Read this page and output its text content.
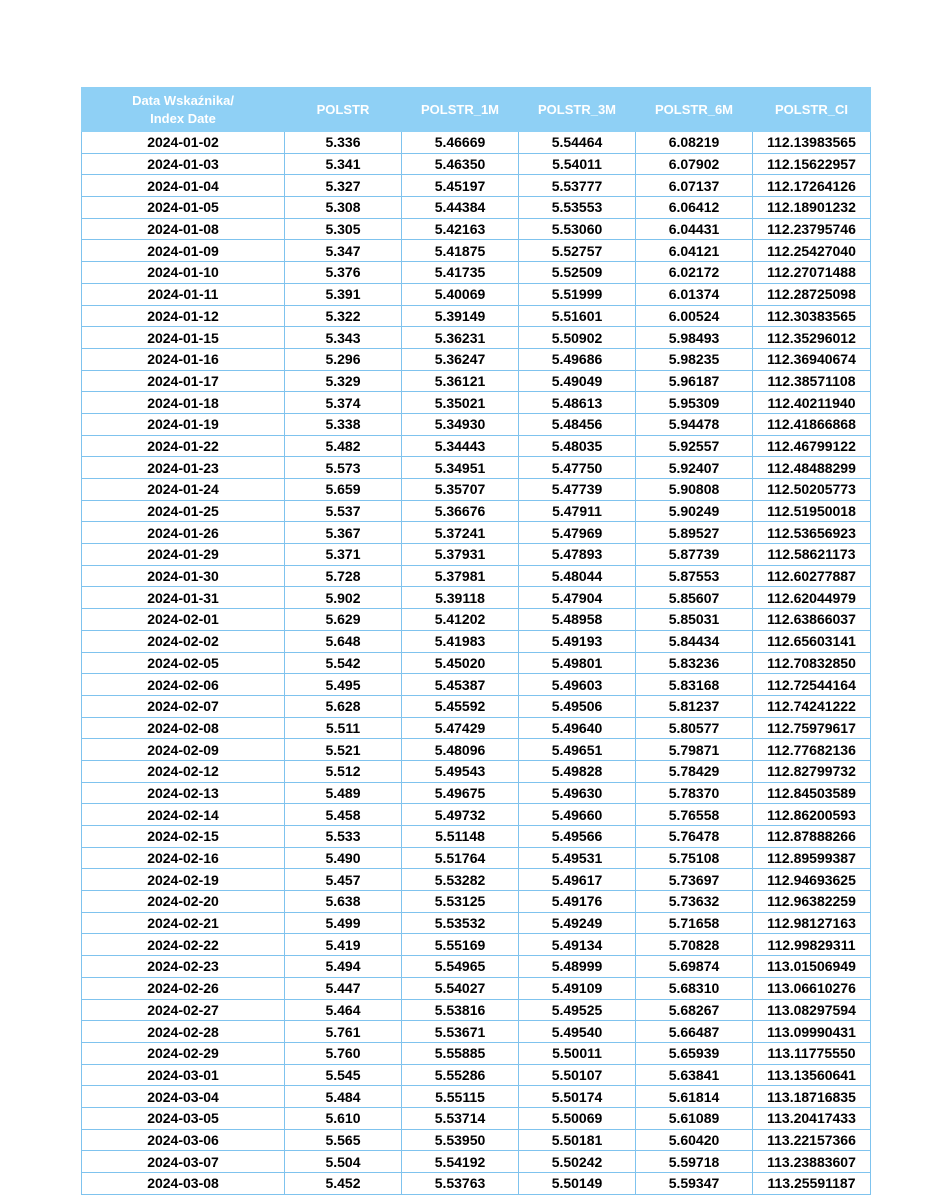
Data Wskaźnika/
Index Date	POLSTR	POLSTR_1M	POLSTR_3M	POLSTR_6M	POLSTR_CI
2024-01-02	5.336	5.46669	5.54464	6.08219	112.13983565
2024-01-03	5.341	5.46350	5.54011	6.07902	112.15622957
2024-01-04	5.327	5.45197	5.53777	6.07137	112.17264126
2024-01-05	5.308	5.44384	5.53553	6.06412	112.18901232
2024-01-08	5.305	5.42163	5.53060	6.04431	112.23795746
2024-01-09	5.347	5.41875	5.52757	6.04121	112.25427040
2024-01-10	5.376	5.41735	5.52509	6.02172	112.27071488
2024-01-11	5.391	5.40069	5.51999	6.01374	112.28725098
2024-01-12	5.322	5.39149	5.51601	6.00524	112.30383565
2024-01-15	5.343	5.36231	5.50902	5.98493	112.35296012
2024-01-16	5.296	5.36247	5.49686	5.98235	112.36940674
2024-01-17	5.329	5.36121	5.49049	5.96187	112.38571108
2024-01-18	5.374	5.35021	5.48613	5.95309	112.40211940
2024-01-19	5.338	5.34930	5.48456	5.94478	112.41866868
2024-01-22	5.482	5.34443	5.48035	5.92557	112.46799122
2024-01-23	5.573	5.34951	5.47750	5.92407	112.48488299
2024-01-24	5.659	5.35707	5.47739	5.90808	112.50205773
2024-01-25	5.537	5.36676	5.47911	5.90249	112.51950018
2024-01-26	5.367	5.37241	5.47969	5.89527	112.53656923
2024-01-29	5.371	5.37931	5.47893	5.87739	112.58621173
2024-01-30	5.728	5.37981	5.48044	5.87553	112.60277887
2024-01-31	5.902	5.39118	5.47904	5.85607	112.62044979
2024-02-01	5.629	5.41202	5.48958	5.85031	112.63866037
2024-02-02	5.648	5.41983	5.49193	5.84434	112.65603141
2024-02-05	5.542	5.45020	5.49801	5.83236	112.70832850
2024-02-06	5.495	5.45387	5.49603	5.83168	112.72544164
2024-02-07	5.628	5.45592	5.49506	5.81237	112.74241222
2024-02-08	5.511	5.47429	5.49640	5.80577	112.75979617
2024-02-09	5.521	5.48096	5.49651	5.79871	112.77682136
2024-02-12	5.512	5.49543	5.49828	5.78429	112.82799732
2024-02-13	5.489	5.49675	5.49630	5.78370	112.84503589
2024-02-14	5.458	5.49732	5.49660	5.76558	112.86200593
2024-02-15	5.533	5.51148	5.49566	5.76478	112.87888266
2024-02-16	5.490	5.51764	5.49531	5.75108	112.89599387
2024-02-19	5.457	5.53282	5.49617	5.73697	112.94693625
2024-02-20	5.638	5.53125	5.49176	5.73632	112.96382259
2024-02-21	5.499	5.53532	5.49249	5.71658	112.98127163
2024-02-22	5.419	5.55169	5.49134	5.70828	112.99829311
2024-02-23	5.494	5.54965	5.48999	5.69874	113.01506949
2024-02-26	5.447	5.54027	5.49109	5.68310	113.06610276
2024-02-27	5.464	5.53816	5.49525	5.68267	113.08297594
2024-02-28	5.761	5.53671	5.49540	5.66487	113.09990431
2024-02-29	5.760	5.55885	5.50011	5.65939	113.11775550
2024-03-01	5.545	5.55286	5.50107	5.63841	113.13560641
2024-03-04	5.484	5.55115	5.50174	5.61814	113.18716835
2024-03-05	5.610	5.53714	5.50069	5.61089	113.20417433
2024-03-06	5.565	5.53950	5.50181	5.60420	113.22157366
2024-03-07	5.504	5.54192	5.50242	5.59718	113.23883607
2024-03-08	5.452	5.53763	5.50149	5.59347	113.25591187
